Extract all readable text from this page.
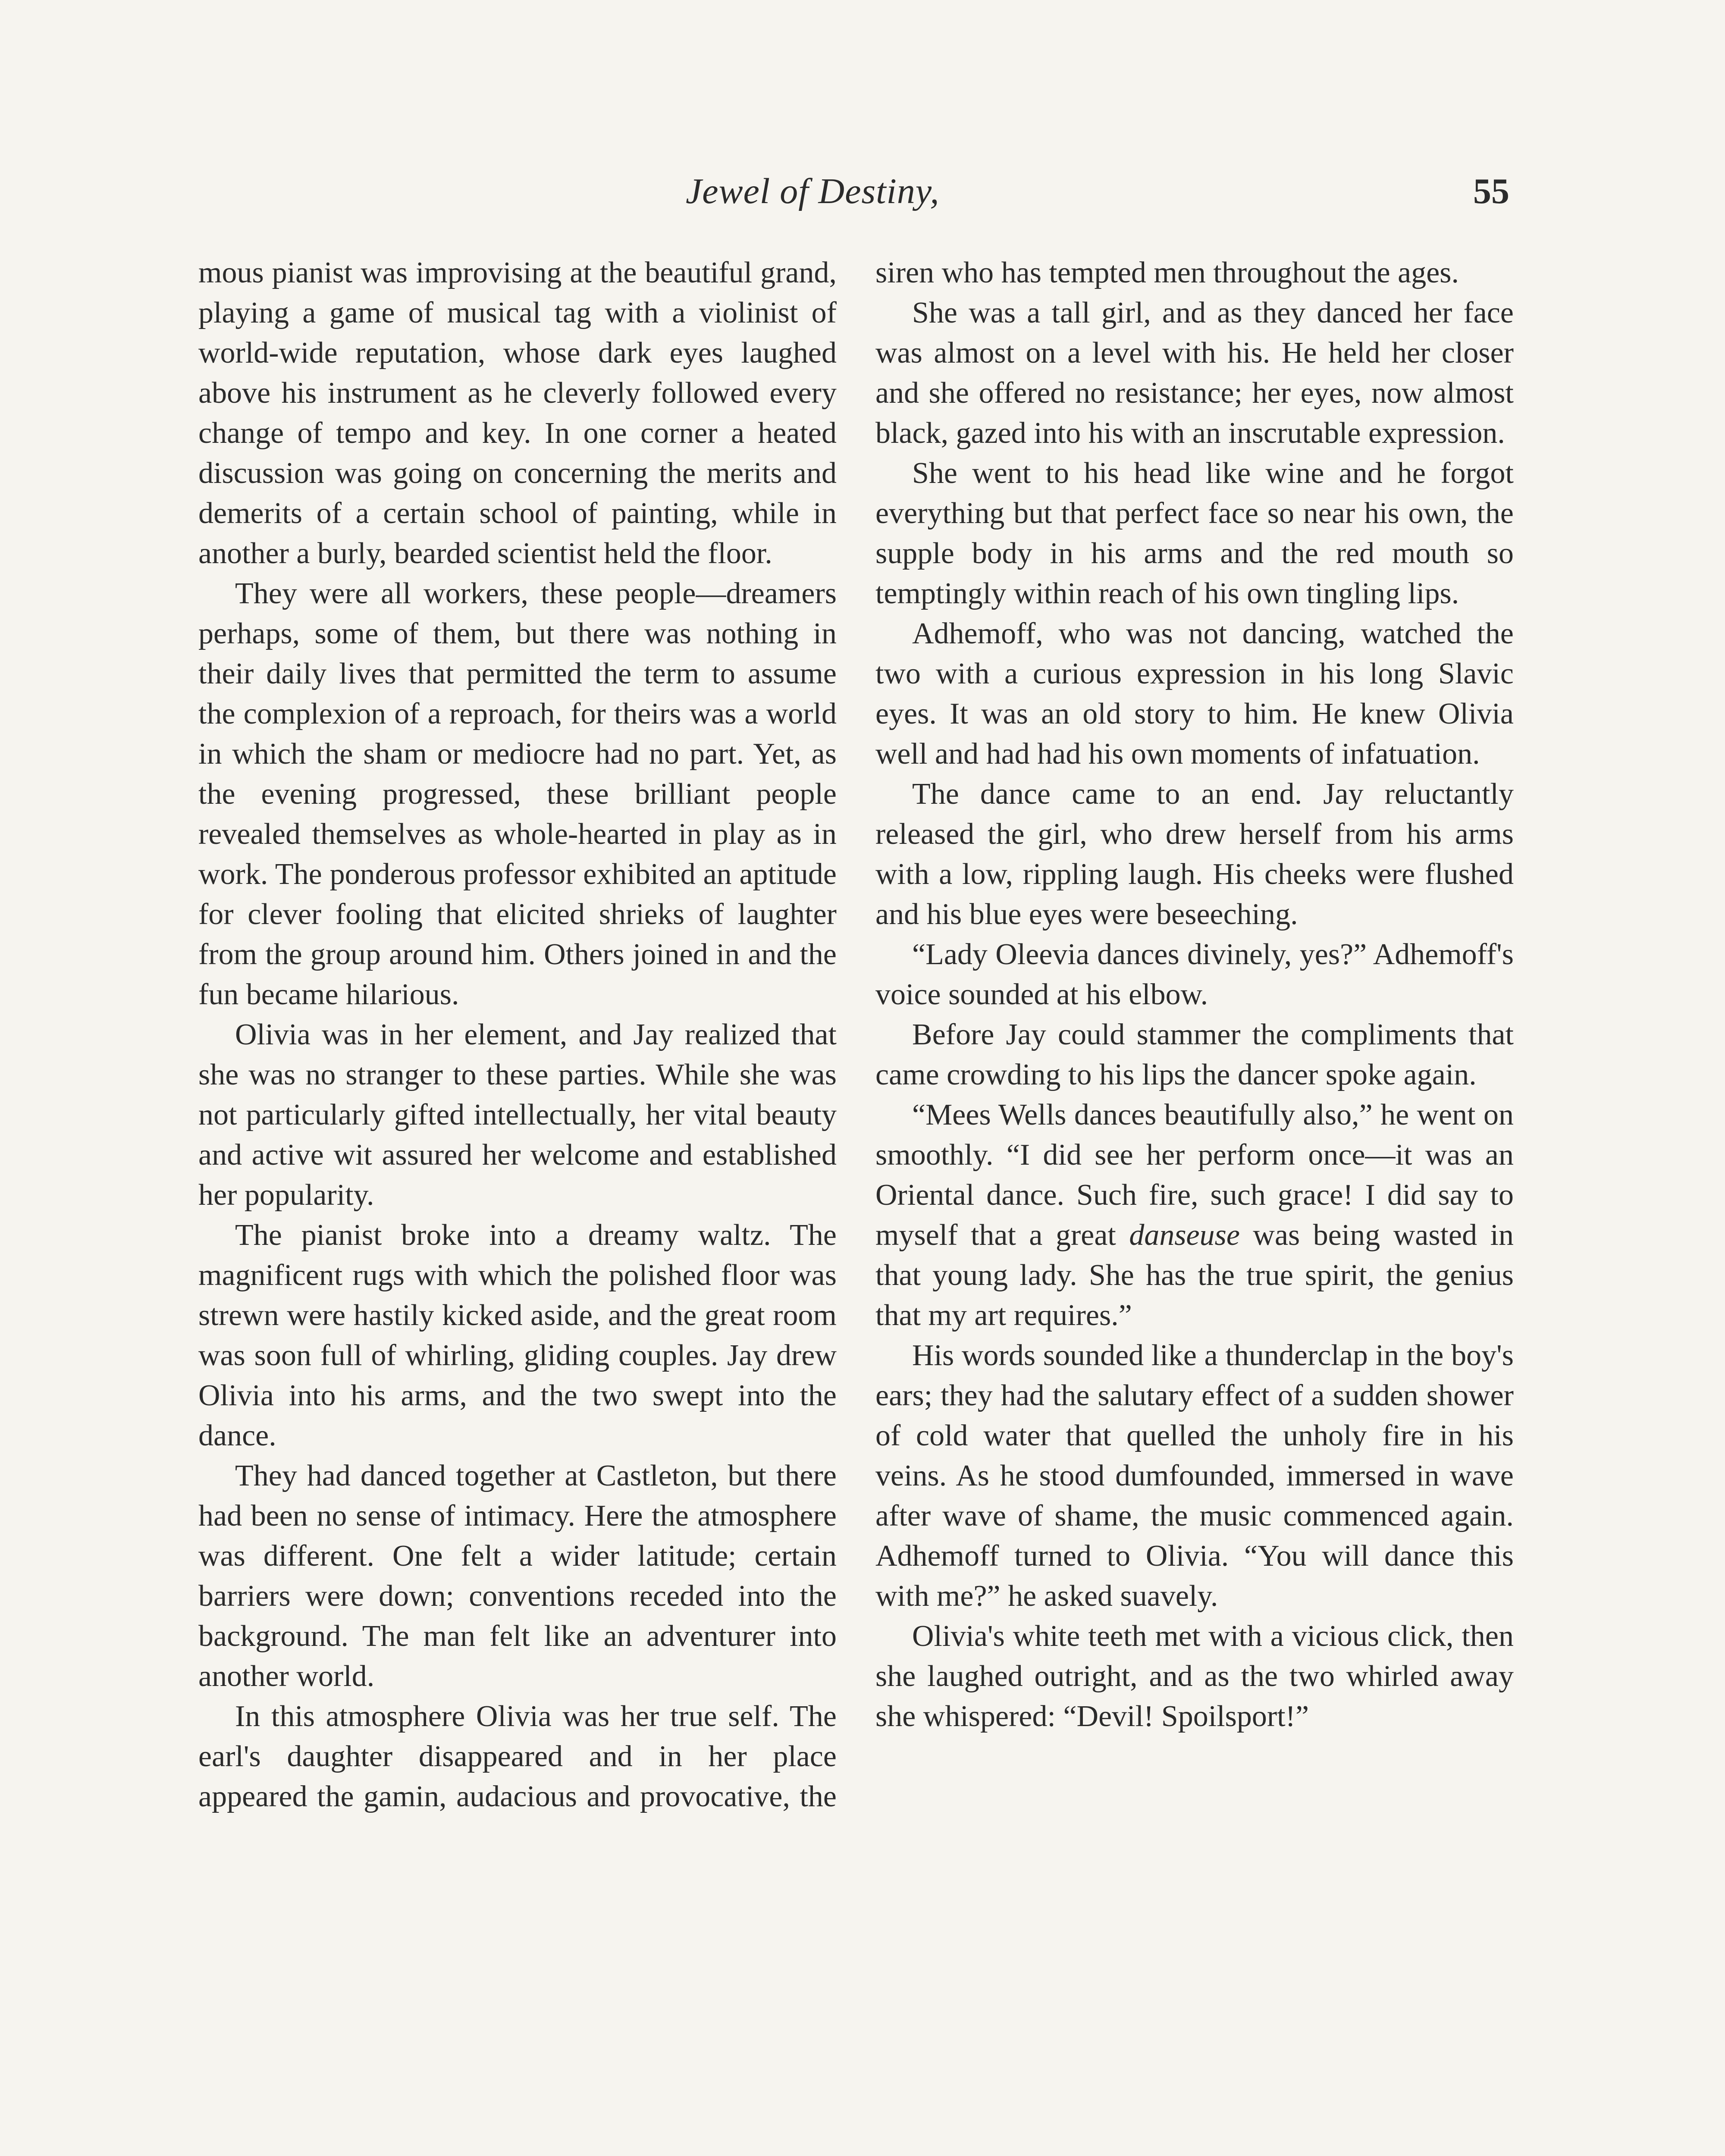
Jewel of Destiny,	55

mous pianist was improvising at the beautiful grand, playing a game of musical tag with a violinist of world-wide reputation, whose dark eyes laughed above his instrument as he cleverly followed every change of tempo and key. In one corner a heated discussion was going on concerning the merits and demerits of a certain school of painting, while in another a burly, bearded scientist held the floor.

They were all workers, these people—dreamers perhaps, some of them, but there was nothing in their daily lives that permitted the term to assume the complexion of a reproach, for theirs was a world in which the sham or mediocre had no part. Yet, as the evening progressed, these brilliant people revealed themselves as whole-hearted in play as in work. The ponderous professor exhibited an aptitude for clever fooling that elicited shrieks of laughter from the group around him. Others joined in and the fun became hilarious.

Olivia was in her element, and Jay realized that she was no stranger to these parties. While she was not particularly gifted intellectually, her vital beauty and active wit assured her welcome and established her popularity.

The pianist broke into a dreamy waltz. The magnificent rugs with which the polished floor was strewn were hastily kicked aside, and the great room was soon full of whirling, gliding couples. Jay drew Olivia into his arms, and the two swept into the dance.

They had danced together at Castleton, but there had been no sense of intimacy. Here the atmosphere was different. One felt a wider latitude; certain barriers were down; conventions receded into the background. The man felt like an adventurer into another world.

In this atmosphere Olivia was her true self. The earl's daughter disappeared and in her place appeared the gamin, audacious and provocative, the

siren who has tempted men throughout the ages.

She was a tall girl, and as they danced her face was almost on a level with his. He held her closer and she offered no resistance; her eyes, now almost black, gazed into his with an inscrutable expression.

She went to his head like wine and he forgot everything but that perfect face so near his own, the supple body in his arms and the red mouth so temptingly within reach of his own tingling lips.

Adhemoff, who was not dancing, watched the two with a curious expression in his long Slavic eyes. It was an old story to him. He knew Olivia well and had had his own moments of infatuation.

The dance came to an end. Jay reluctantly released the girl, who drew herself from his arms with a low, rippling laugh. His cheeks were flushed and his blue eyes were beseeching.

“Lady Oleevia dances divinely, yes?” Adhemoff's voice sounded at his elbow.

Before Jay could stammer the compliments that came crowding to his lips the dancer spoke again.

“Mees Wells dances beautifully also,” he went on smoothly. “I did see her perform once—it was an Oriental dance. Such fire, such grace! I did say to myself that a great danseuse was being wasted in that young lady. She has the true spirit, the genius that my art requires.”

His words sounded like a thunderclap in the boy's ears; they had the salutary effect of a sudden shower of cold water that quelled the unholy fire in his veins. As he stood dumfounded, immersed in wave after wave of shame, the music commenced again. Adhemoff turned to Olivia. “You will dance this with me?” he asked suavely.

Olivia's white teeth met with a vicious click, then she laughed outright, and as the two whirled away she whispered: “Devil! Spoilsport!”
